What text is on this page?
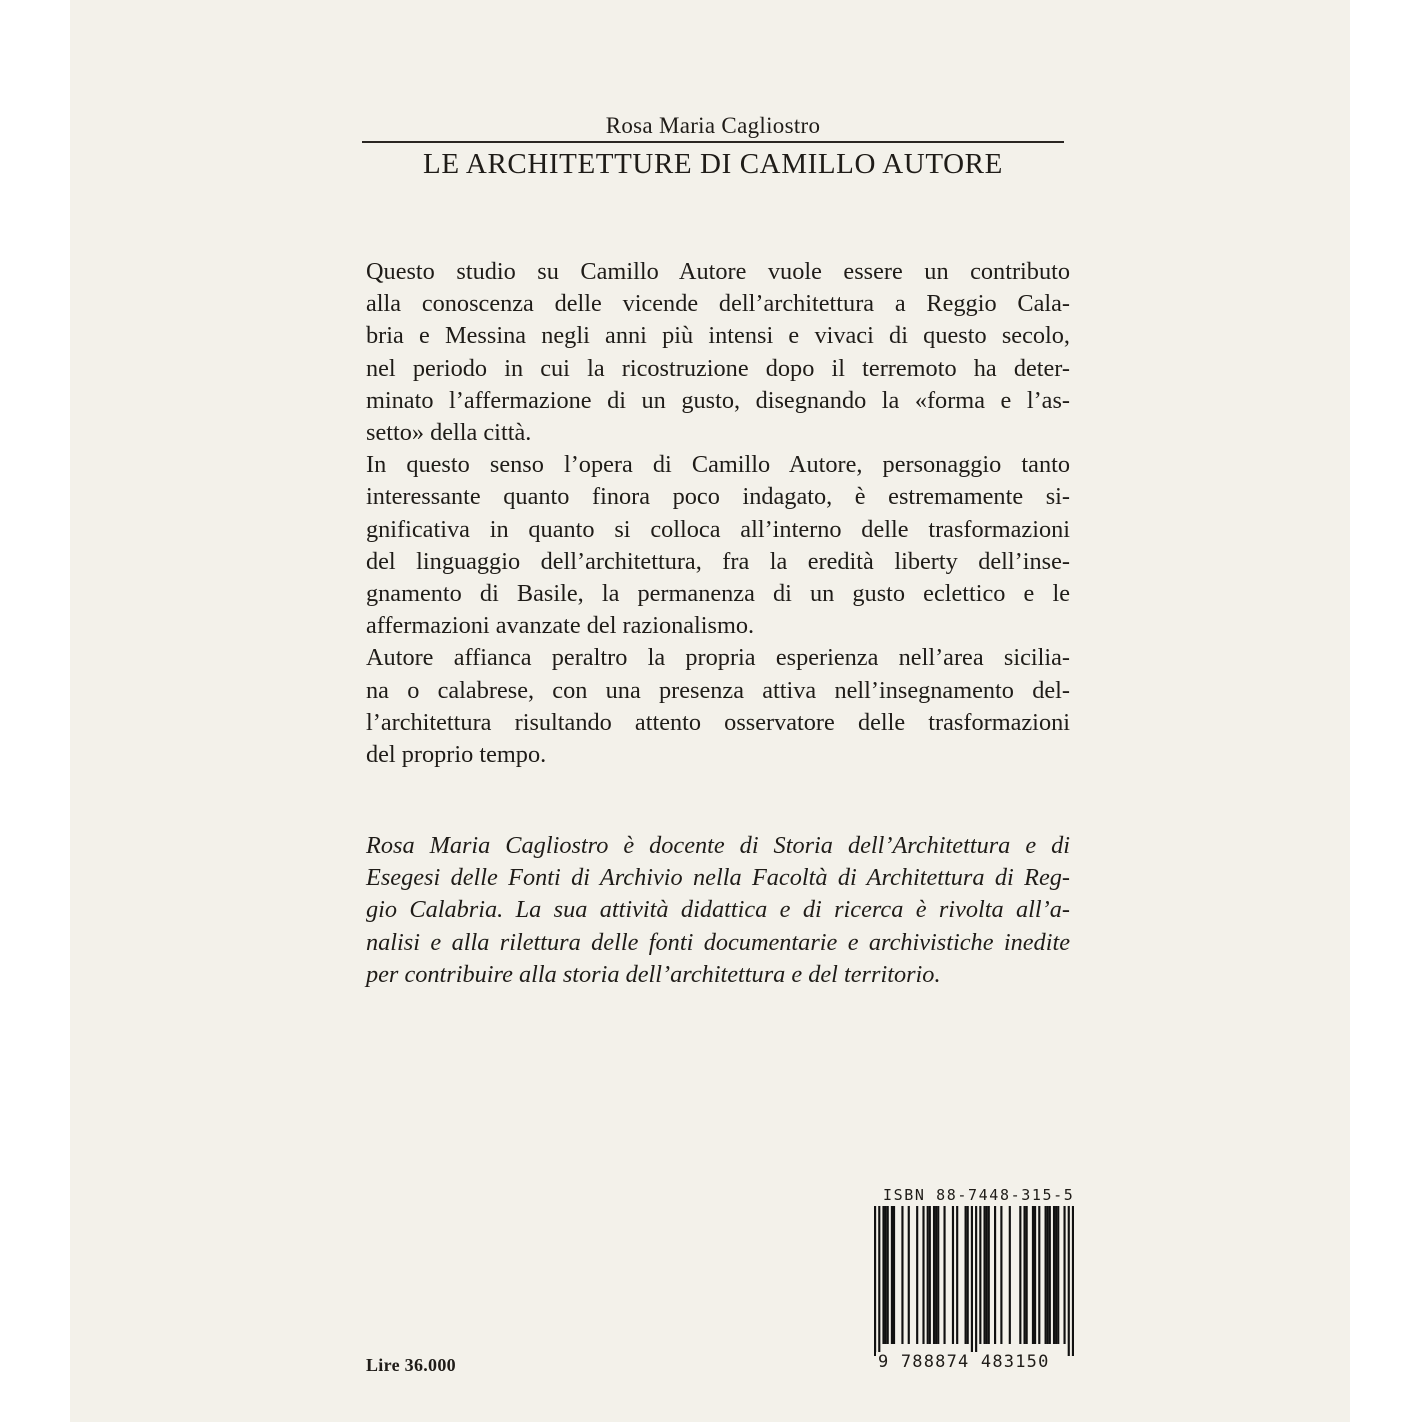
Rosa Maria Cagliostro
LE ARCHITETTURE DI CAMILLO AUTORE
Questo studio su Camillo Autore vuole essere un contributo
alla conoscenza delle vicende dell’architettura a Reggio Cala-
bria e Messina negli anni più intensi e vivaci di questo secolo,
nel periodo in cui la ricostruzione dopo il terremoto ha deter-
minato l’affermazione di un gusto, disegnando la «forma e l’as-
setto» della città.
In questo senso l’opera di Camillo Autore, personaggio tanto
interessante quanto finora poco indagato, è estremamente si-
gnificativa in quanto si colloca all’interno delle trasformazioni
del linguaggio dell’architettura, fra la eredità liberty dell’inse-
gnamento di Basile, la permanenza di un gusto eclettico e le
affermazioni avanzate del razionalismo.
Autore affianca peraltro la propria esperienza nell’area sicilia-
na o calabrese, con una presenza attiva nell’insegnamento del-
l’architettura risultando attento osservatore delle trasformazioni
del proprio tempo.
Rosa Maria Cagliostro è docente di Storia dell’Architettura e di
Esegesi delle Fonti di Archivio nella Facoltà di Architettura di Reg-
gio Calabria. La sua attività didattica e di ricerca è rivolta all’a-
nalisi e alla rilettura delle fonti documentarie e archivistiche inedite
per contribuire alla storia dell’architettura e del territorio.
Lire 36.000
ISBN 88-7448-315-5
9 788874 483150
